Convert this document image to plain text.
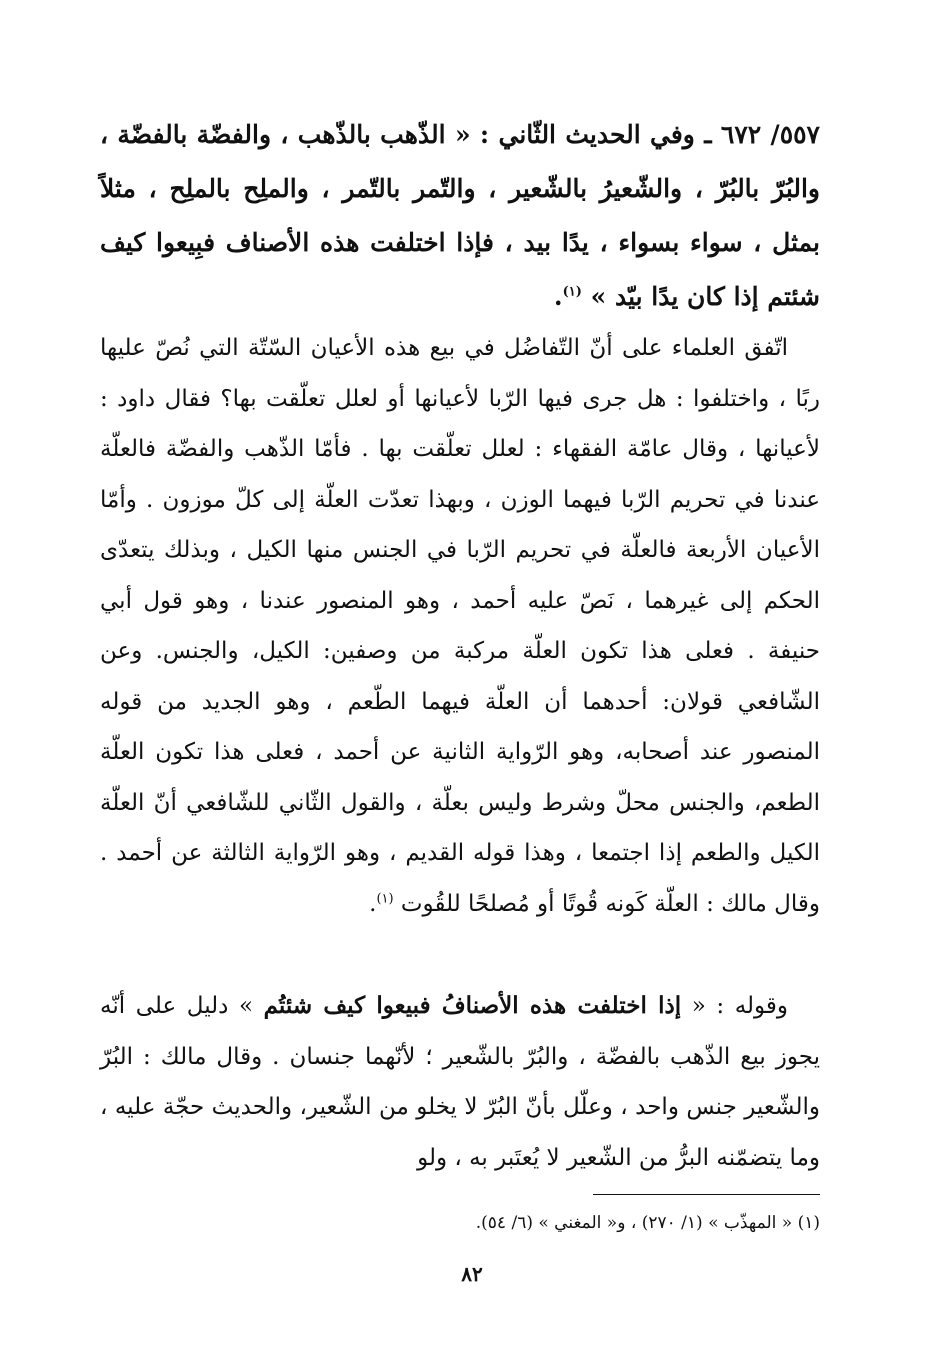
٥٥٧/ ٦٧٢ ـ وفي الحديث الثّاني : « الذّهب بالذّهب ، والفضّة بالفضّة ، والبُرّ بالبُرّ ، والشّعيرُ بالشّعير ، والتّمر بالتّمر ، والملِح بالملِح ، مثلاً بمثل ، سواء بسواء ، يدًا بيد ، فإذا اختلفت هذه الأصناف فبِيعوا كيف شئتم إذا كان يدًا بيّد » $^{(١)}$.
اتّفق العلماء على أنّ التّفاضُل في بيع هذه الأعيان السّتّة التي نُصّ عليها ربًا ، واختلفوا : هل جرى فيها الرّبا لأعيانها أو لعلل تعلّقت بها؟ فقال داود : لأعيانها ، وقال عامّة الفقهاء : لعلل تعلّقت بها . فأمّا الذّهب والفضّة فالعلّة عندنا في تحريم الرّبا فيهما الوزن ، وبهذا تعدّت العلّة إلى كلّ موزون . وأمّا الأعيان الأربعة فالعلّة في تحريم الرّبا في الجنس منها الكيل ، وبذلك يتعدّى الحكم إلى غيرهما ، نَصّ عليه أحمد ، وهو المنصور عندنا ، وهو قول أبي حنيفة . فعلى هذا تكون العلّة مركبة من وصفين: الكيل، والجنس. وعن الشّافعي قولان: أحدهما أن العلّة فيهما الطّعم ، وهو الجديد من قوله المنصور عند أصحابه، وهو الرّواية الثانية عن أحمد ، فعلى هذا تكون العلّة الطعم، والجنس محلّ وشرط وليس بعلّة ، والقول الثّاني للشّافعي أنّ العلّة الكيل والطعم إذا اجتمعا ، وهذا قوله القديم ، وهو الرّواية الثالثة عن أحمد . وقال مالك : العلّة كَونه قُوتًا أو مُصلحًا للقُوت $^{(١)}$.
وقوله : « إذا اختلفت هذه الأصنافُ فبيعوا كيف شئتُم » دليل على أنّه يجوز بيع الذّهب بالفضّة ، والبُرّ بالشّعير ؛ لأنّهما جنسان . وقال مالك : البُرّ والشّعير جنس واحد ، وعلّل بأنّ البُرّ لا يخلو من الشّعير، والحديث حجّة عليه ، وما يتضمّنه البرُّ من الشّعير لا يُعتَبر به ، ولو
(١) « المهذّب » (١/ ٢٧٠) ، و« المغني » (٦/ ٥٤).
٨٢
